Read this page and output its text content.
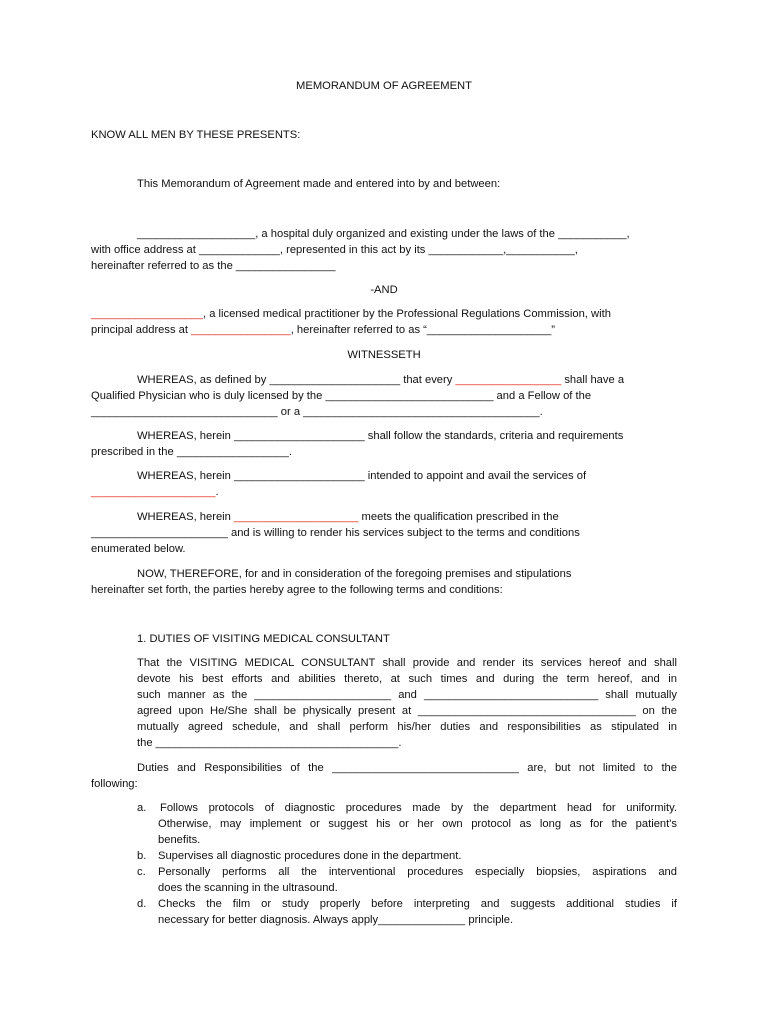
MEMORANDUM OF AGREEMENT
KNOW ALL MEN BY THESE PRESENTS:
This Memorandum of Agreement made and entered into by and between:
___________________, a hospital duly organized and existing under the laws of the ___________,
with office address at _____________, represented in this act by its ____________,___________,
hereinafter referred to as the ________________
-AND
__________________, a licensed medical practitioner by the Professional Regulations Commission, with
principal address at ________________, hereinafter referred to as “____________________”
WITNESSETH
WHEREAS, as defined by _____________________ that every _________________ shall have a
Qualified Physician who is duly licensed by the ___________________________ and a Fellow of the
______________________________ or a ______________________________________.
WHEREAS, herein _____________________ shall follow the standards, criteria and requirements
prescribed in the __________________.
WHEREAS, herein _____________________ intended to appoint and avail the services of
____________________.
WHEREAS, herein ____________________ meets the qualification prescribed in the
______________________ and is willing to render his services subject to the terms and conditions
enumerated below.
NOW, THEREFORE, for and in consideration of the foregoing premises and stipulations
hereinafter set forth, the parties hereby agree to the following terms and conditions:
1. DUTIES OF VISITING MEDICAL CONSULTANT
That the VISITING MEDICAL CONSULTANT shall provide and render its services hereof and shall
devote his best efforts and abilities thereto, at such times and during the term hereof, and in
such manner as the ______________________ and ____________________________ shall mutually
agreed upon He/She shall be physically present at ___________________________________ on the
mutually agreed schedule, and shall perform his/her duties and responsibilities as stipulated in
the _______________________________________.
Duties and Responsibilities of the ______________________________ are, but not limited to the
following:
a. Follows protocols of diagnostic procedures made by the department head for uniformity.
Otherwise, may implement or suggest his or her own protocol as long as for the patient's
benefits.
b. Supervises all diagnostic procedures done in the department.
c. Personally performs all the interventional procedures especially biopsies, aspirations and
does the scanning in the ultrasound.
d. Checks the film or study properly before interpreting and suggests additional studies if
necessary for better diagnosis. Always apply______________ principle.
